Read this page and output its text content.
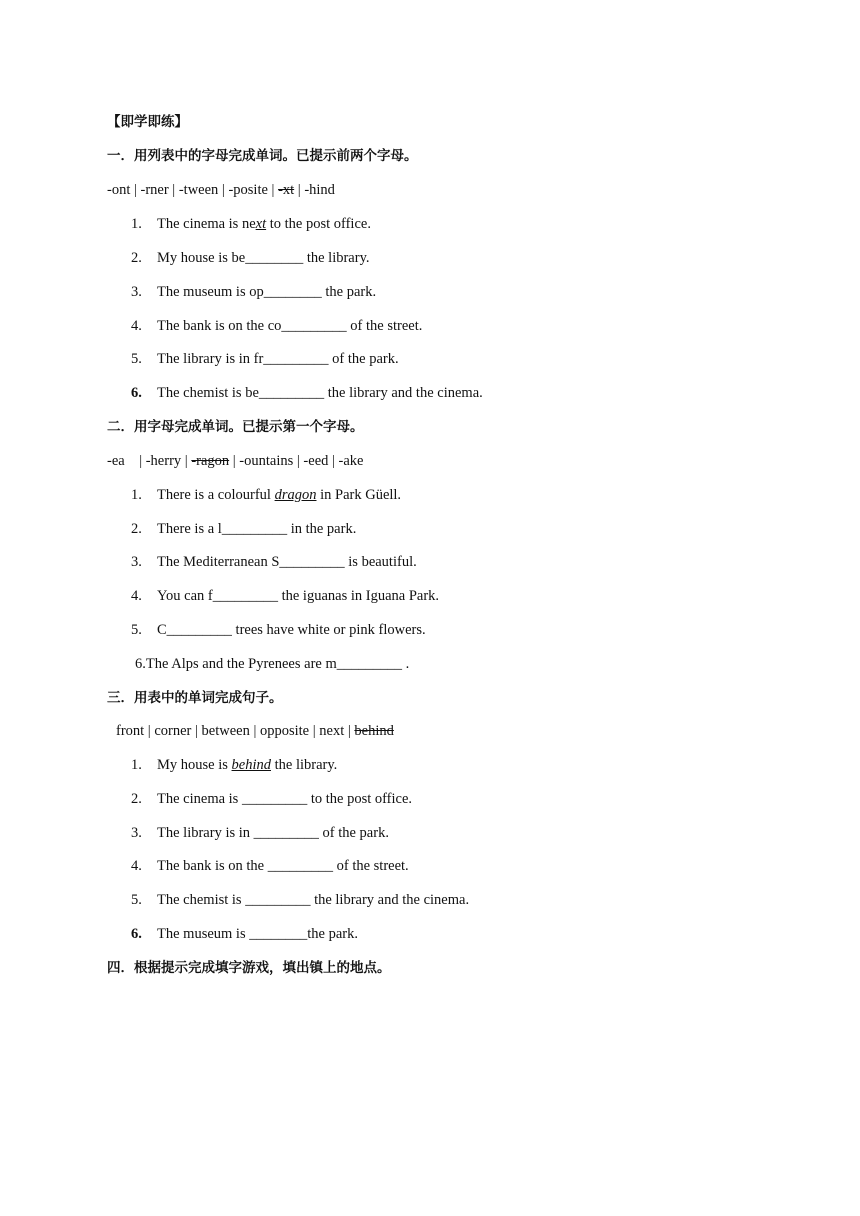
【即学即练】
一．用列表中的字母完成单词。已提示前两个字母。
-ont | -rner | -tween | -posite | -xt | -hind
1. The cinema is next to the post office.
2. My house is be________ the library.
3. The museum is op________ the park.
4. The bank is on the co_________ of the street.
5. The library is in fr_________ of the park.
6. The chemist is be_________ the library and the cinema.
二．用字母完成单词。已提示第一个字母。
-ea    | -herry | -ragon | -ountains | -eed | -ake
1. There is a colourful dragon in Park Güell.
2. There is a l_________ in the park.
3. The Mediterranean S_________ is beautiful.
4. You can f_________ the iguanas in Iguana Park.
5. C_________ trees have white or pink flowers.
6.The Alps and the Pyrenees are m_________ .
三．用表中的单词完成句子。
front | corner | between | opposite | next | behind
1. My house is behind the library.
2. The cinema is _________ to the post office.
3. The library is in _________ of the park.
4. The bank is on the _________ of the street.
5. The chemist is _________ the library and the cinema.
6. The museum is ________the park.
四．根据提示完成填字游戏，填出镇上的地点。
